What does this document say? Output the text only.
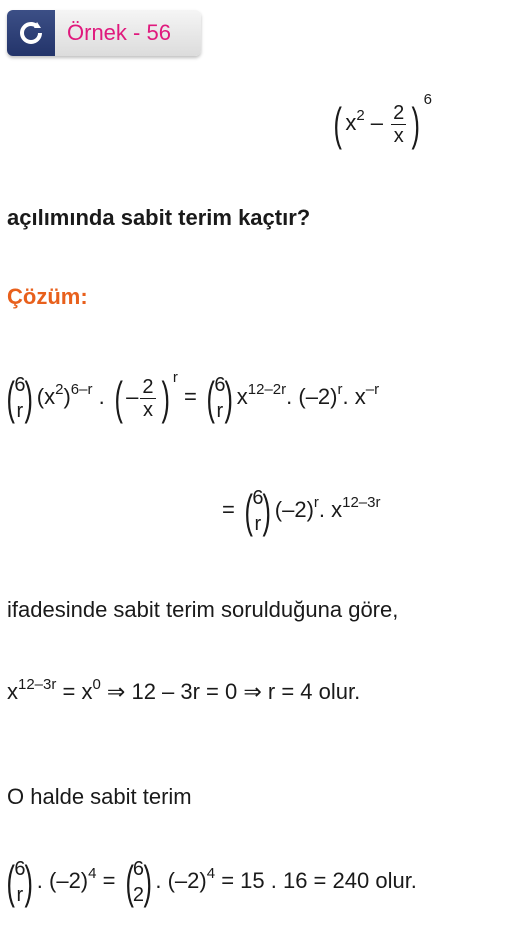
Örnek - 56
( $x^2 - \frac{2}{x}$ ) $^6$
açılımında sabit terim kaçtır?
Çözüm:
( 6
r ) $(x^2)^{6-r}$ . ( – $\frac{2}{x}$ ) $^r$ = ( 6
r ) $x^{12-2r}$. $(-2)^r$. $x^{-r}$
= ( 6
r ) $(-2)^r$. $x^{12-3r}$
ifadesinde sabit terim sorulduğuna göre,
$x^{12-3r} = x^0$ ⇒ 12 – 3r = 0 ⇒ r = 4 olur.
O halde sabit terim
( 6
r ) . $(-2)^4$ = ( 6
2 ) . $(-2)^4 = 15$ . 16 = 240 olur.
